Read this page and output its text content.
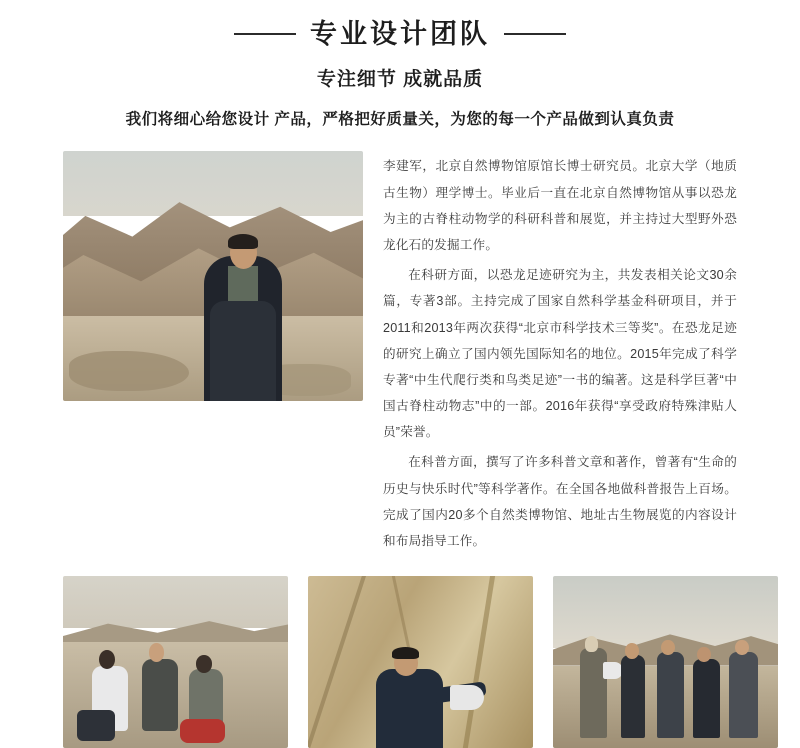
专业设计团队
专注细节 成就品质
我们将细心给您设计 产品，严格把好质量关，为您的每一个产品做到认真负责

李建军，北京自然博物馆原馆长博士研究员。北京大学（地质古生物）理学博士。毕业后一直在北京自然博物馆从事以恐龙为主的古脊柱动物学的科研科普和展览，并主持过大型野外恐龙化石的发掘工作。

在科研方面，以恐龙足迹研究为主，共发表相关论文30余篇，专著3部。主持完成了国家自然科学基金科研项目，并于2011和2013年两次获得“北京市科学技术三等奖”。在恐龙足迹的研究上确立了国内领先国际知名的地位。2015年完成了科学专著“中生代爬行类和鸟类足迹”一书的编著。这是科学巨著“中国古脊柱动物志”中的一部。2016年获得“享受政府特殊津贴人员”荣誉。

在科普方面，撰写了许多科普文章和著作，曾著有“生命的历史与快乐时代”等科学著作。在全国各地做科普报告上百场。完成了国内20多个自然类博物馆、地址古生物展览的内容设计和布局指导工作。
